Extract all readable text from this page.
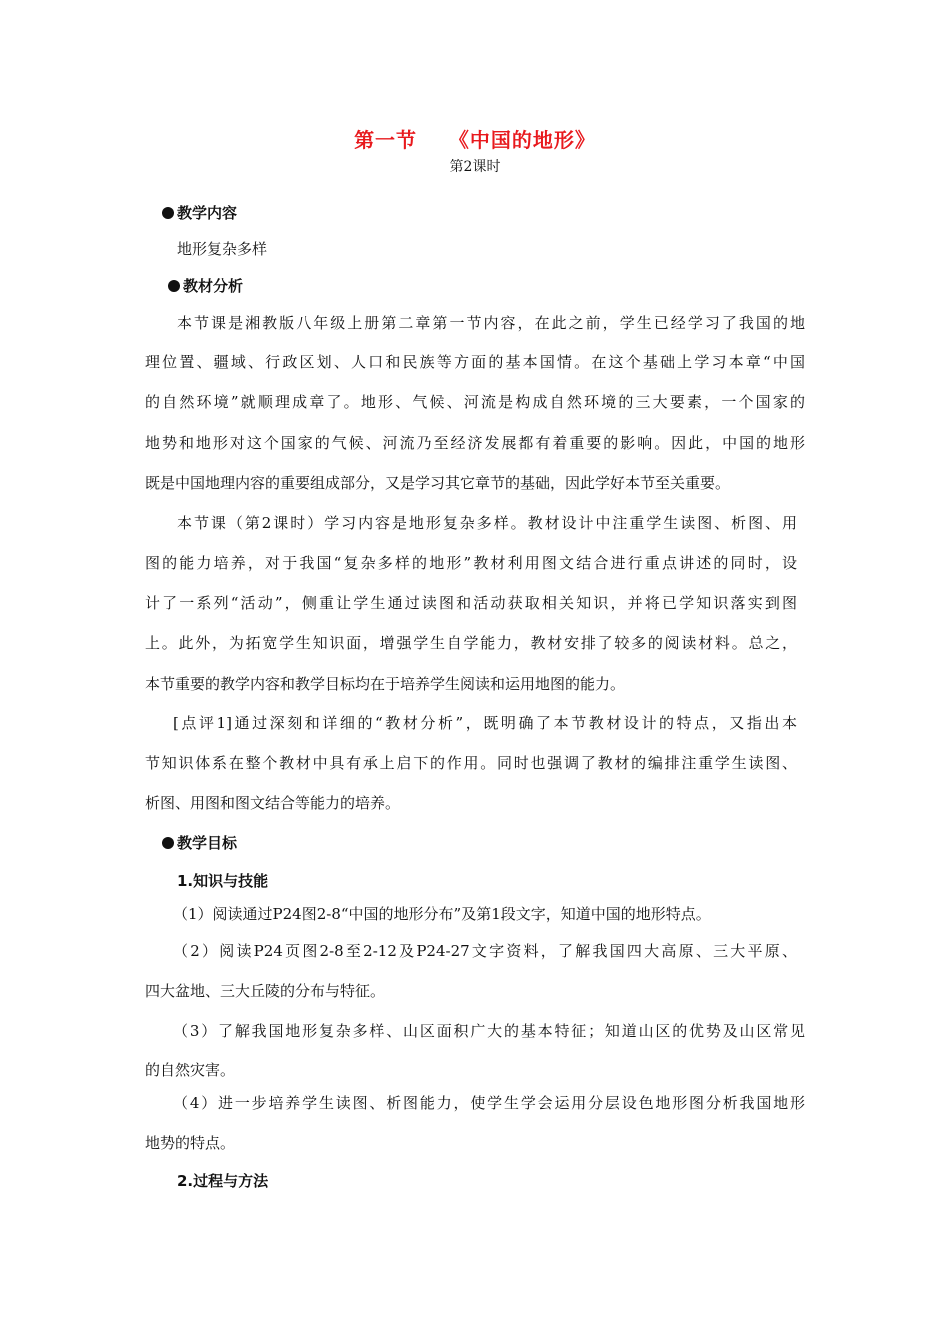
第一节    《中国的地形》
第2课时
教学内容
地形复杂多样
教材分析
本节课是湘教版八年级上册第二章第一节内容，在此之前，学生已经学习了我国的地
理位置、疆域、行政区划、人口和民族等方面的基本国情。在这个基础上学习本章“中国
的自然环境”就顺理成章了。地形、气候、河流是构成自然环境的三大要素，一个国家的
地势和地形对这个国家的气候、河流乃至经济发展都有着重要的影响。因此，中国的地形
既是中国地理内容的重要组成部分，又是学习其它章节的基础，因此学好本节至关重要。
本节课（第2课时）学习内容是地形复杂多样。教材设计中注重学生读图、析图、用
图的能力培养，对于我国“复杂多样的地形”教材利用图文结合进行重点讲述的同时，设
计了一系列“活动”，侧重让学生通过读图和活动获取相关知识，并将已学知识落实到图
上。此外，为拓宽学生知识面，增强学生自学能力，教材安排了较多的阅读材料。总之，
本节重要的教学内容和教学目标均在于培养学生阅读和运用地图的能力。
[点评1]通过深刻和详细的“教材分析”，既明确了本节教材设计的特点，又指出本
节知识体系在整个教材中具有承上启下的作用。同时也强调了教材的编排注重学生读图、
析图、用图和图文结合等能力的培养。
教学目标
1.知识与技能
（1）阅读通过P24图2-8“中国的地形分布”及第1段文字，知道中国的地形特点。
（2）阅读P24页图2-8至2-12及P24-27文字资料，了解我国四大高原、三大平原、
四大盆地、三大丘陵的分布与特征。
（3）了解我国地形复杂多样、山区面积广大的基本特征；知道山区的优势及山区常见
的自然灾害。
（4）进一步培养学生读图、析图能力，使学生学会运用分层设色地形图分析我国地形
地势的特点。
2.过程与方法
